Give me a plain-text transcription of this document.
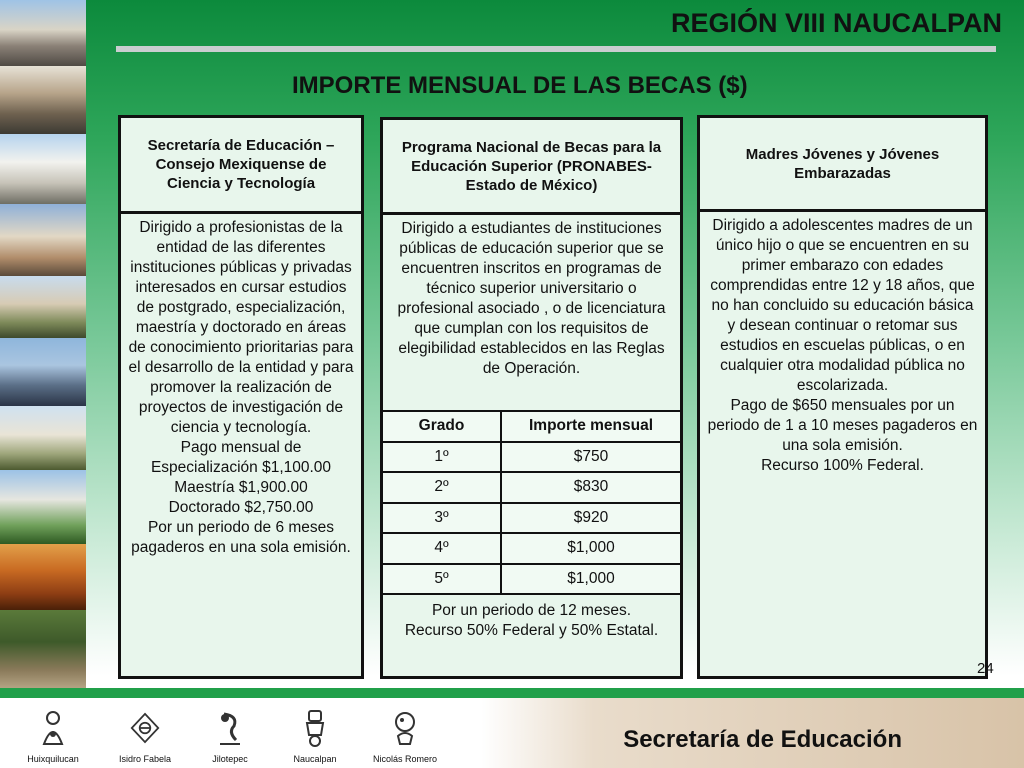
REGIÓN VIII NAUCALPAN
IMPORTE MENSUAL DE LAS BECAS ($)
Secretaría de Educación – Consejo Mexiquense de Ciencia y Tecnología
Dirigido a profesionistas de la entidad de las diferentes instituciones públicas y privadas interesados en cursar estudios de postgrado, especialización, maestría y doctorado en áreas de conocimiento prioritarias para el desarrollo de la entidad y para promover la realización de proyectos de investigación de ciencia y tecnología.
Pago mensual de Especialización $1,100.00
Maestría $1,900.00
Doctorado $2,750.00
Por un periodo de 6 meses pagaderos en una sola emisión.
Programa Nacional de Becas para la Educación Superior (PRONABES-Estado de México)
Dirigido a estudiantes de instituciones públicas de educación superior que se encuentren inscritos en programas de técnico superior universitario o profesional asociado , o de licenciatura que cumplan con los requisitos de elegibilidad establecidos en las Reglas de Operación.
Grado	Importe mensual
1º	$750
2º	$830
3º	$920
4º	$1,000
5º	$1,000
Por un periodo de 12 meses.
Recurso 50% Federal y 50% Estatal.
Madres Jóvenes y Jóvenes Embarazadas
Dirigido a adolescentes madres de un único hijo o que se encuentren en su primer embarazo con edades comprendidas entre 12 y 18 años, que no han concluido su educación básica y desean continuar o retomar sus estudios en escuelas públicas, o en cualquier otra modalidad pública no escolarizada.
Pago de $650 mensuales por un periodo de 1 a 10 meses pagaderos en una sola emisión.
Recurso 100% Federal.
24
Huixquilucan	Isidro Fabela	Jilotepec	Naucalpan	Nicolás Romero
Secretaría de Educación
